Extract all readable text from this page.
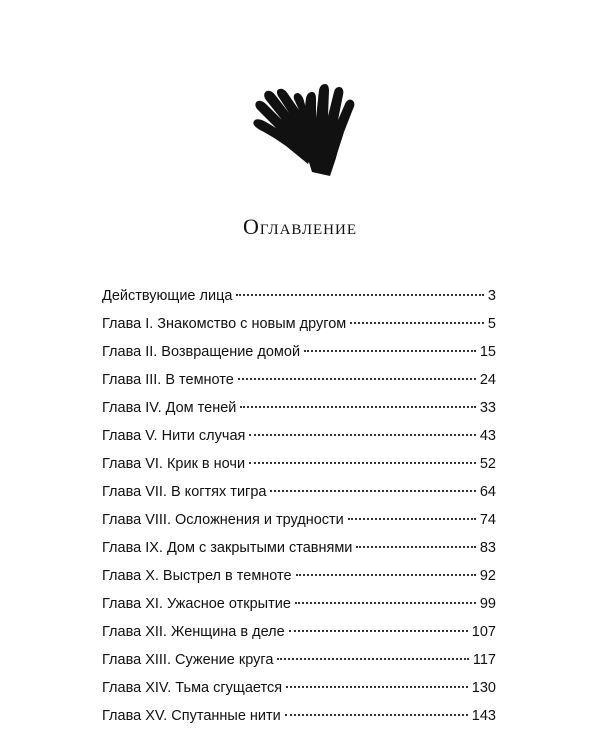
Оглавление
Действующие лица	3
Глава I. Знакомство с новым другом	5
Глава II. Возвращение домой	15
Глава III. В темноте	24
Глава IV. Дом теней	33
Глава V. Нити случая	43
Глава VI. Крик в ночи	52
Глава VII. В когтях тигра	64
Глава VIII. Осложнения и трудности	74
Глава IX. Дом с закрытыми ставнями	83
Глава X. Выстрел в темноте	92
Глава XI. Ужасное открытие	99
Глава XII. Женщина в деле	107
Глава XIII. Сужение круга	117
Глава XIV. Тьма сгущается	130
Глава XV. Спутанные нити	143
